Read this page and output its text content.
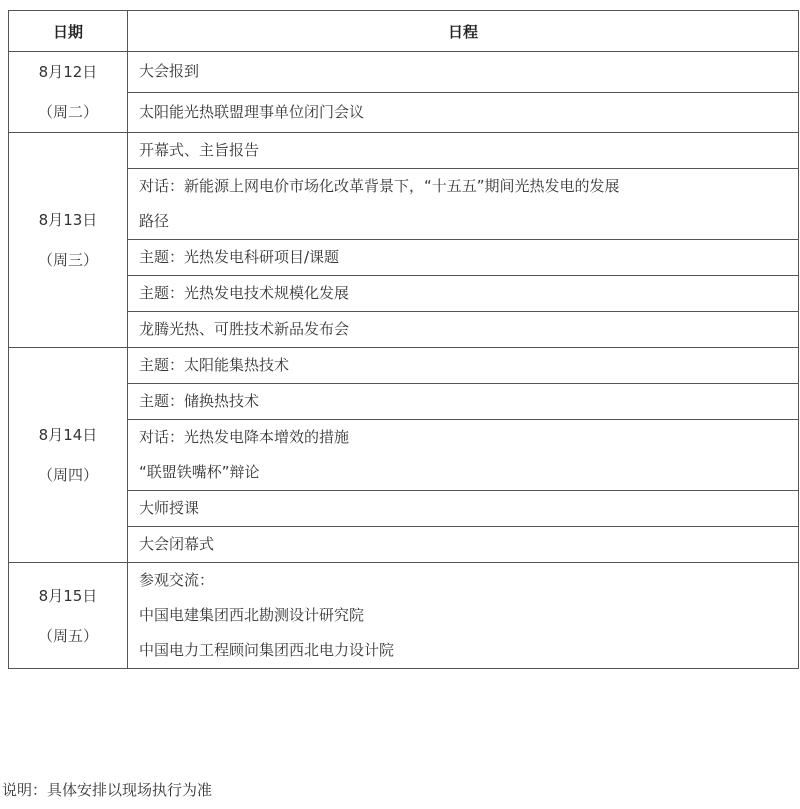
日期	日程

8月12日
（周二）	大会报到

	太阳能光热联盟理事单位闭门会议

8月13日
（周三）	开幕式、主旨报告

	对话：新能源上网电价市场化改革背景下，“十五五”期间光热发电的发展
路径

	主题：光热发电科研项目/课题

	主题：光热发电技术规模化发展

	龙腾光热、可胜技术新品发布会

8月14日
（周四）	主题：太阳能集热技术

	主题：储换热技术

	对话：光热发电降本增效的措施
“联盟铁嘴杯”辩论

	大师授课

	大会闭幕式

8月15日
（周五）	参观交流：
中国电建集团西北勘测设计研究院
中国电力工程顾问集团西北电力设计院
说明：具体安排以现场执行为准
